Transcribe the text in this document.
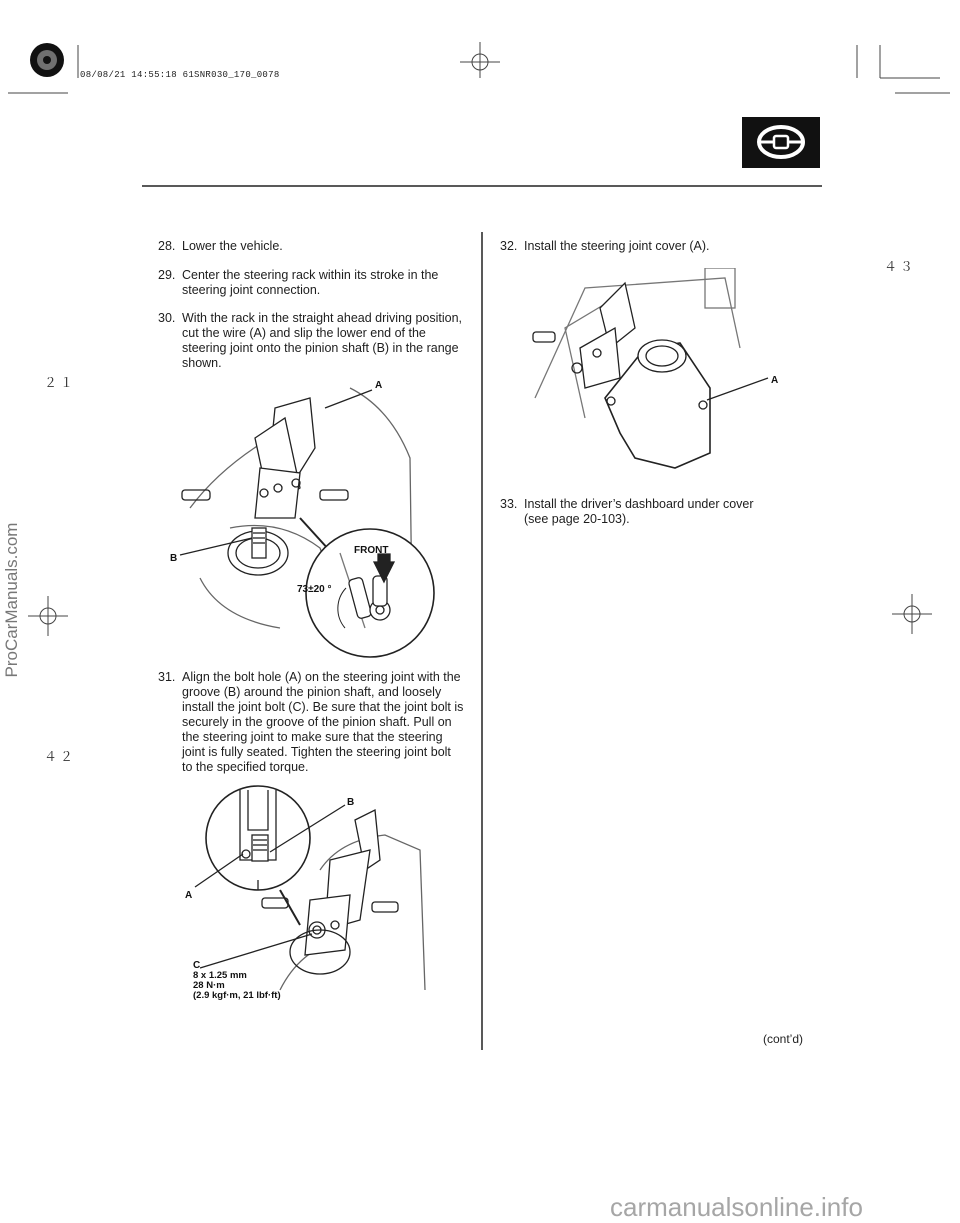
08/08/21 14:55:18 61SNR030_170_0078
４３
２１
４２
ProCarManuals.com
28. Lower the vehicle.
29. Center the steering rack within its stroke in the
steering joint connection.
30. With the rack in the straight ahead driving position,
cut the wire (A) and slip the lower end of the
steering joint onto the pinion shaft (B) in the range
shown.
31. Align the bolt hole (A) on the steering joint with the
groove (B) around the pinion shaft, and loosely
install the joint bolt (C). Be sure that the joint bolt is
securely in the groove of the pinion shaft. Pull on
the steering joint to make sure that the steering
joint is fully seated. Tighten the steering joint bolt
to the specified torque.
32. Install the steering joint cover (A).
33. Install the driver’s dashboard under cover
(see page 20-103).
A
B
FRONT
73±20 °
B
A
C
8 x 1.25 mm
28 N·m
(2.9 kgf·m, 21 lbf·ft)
A
(cont’d)
carmanualsonline.info
